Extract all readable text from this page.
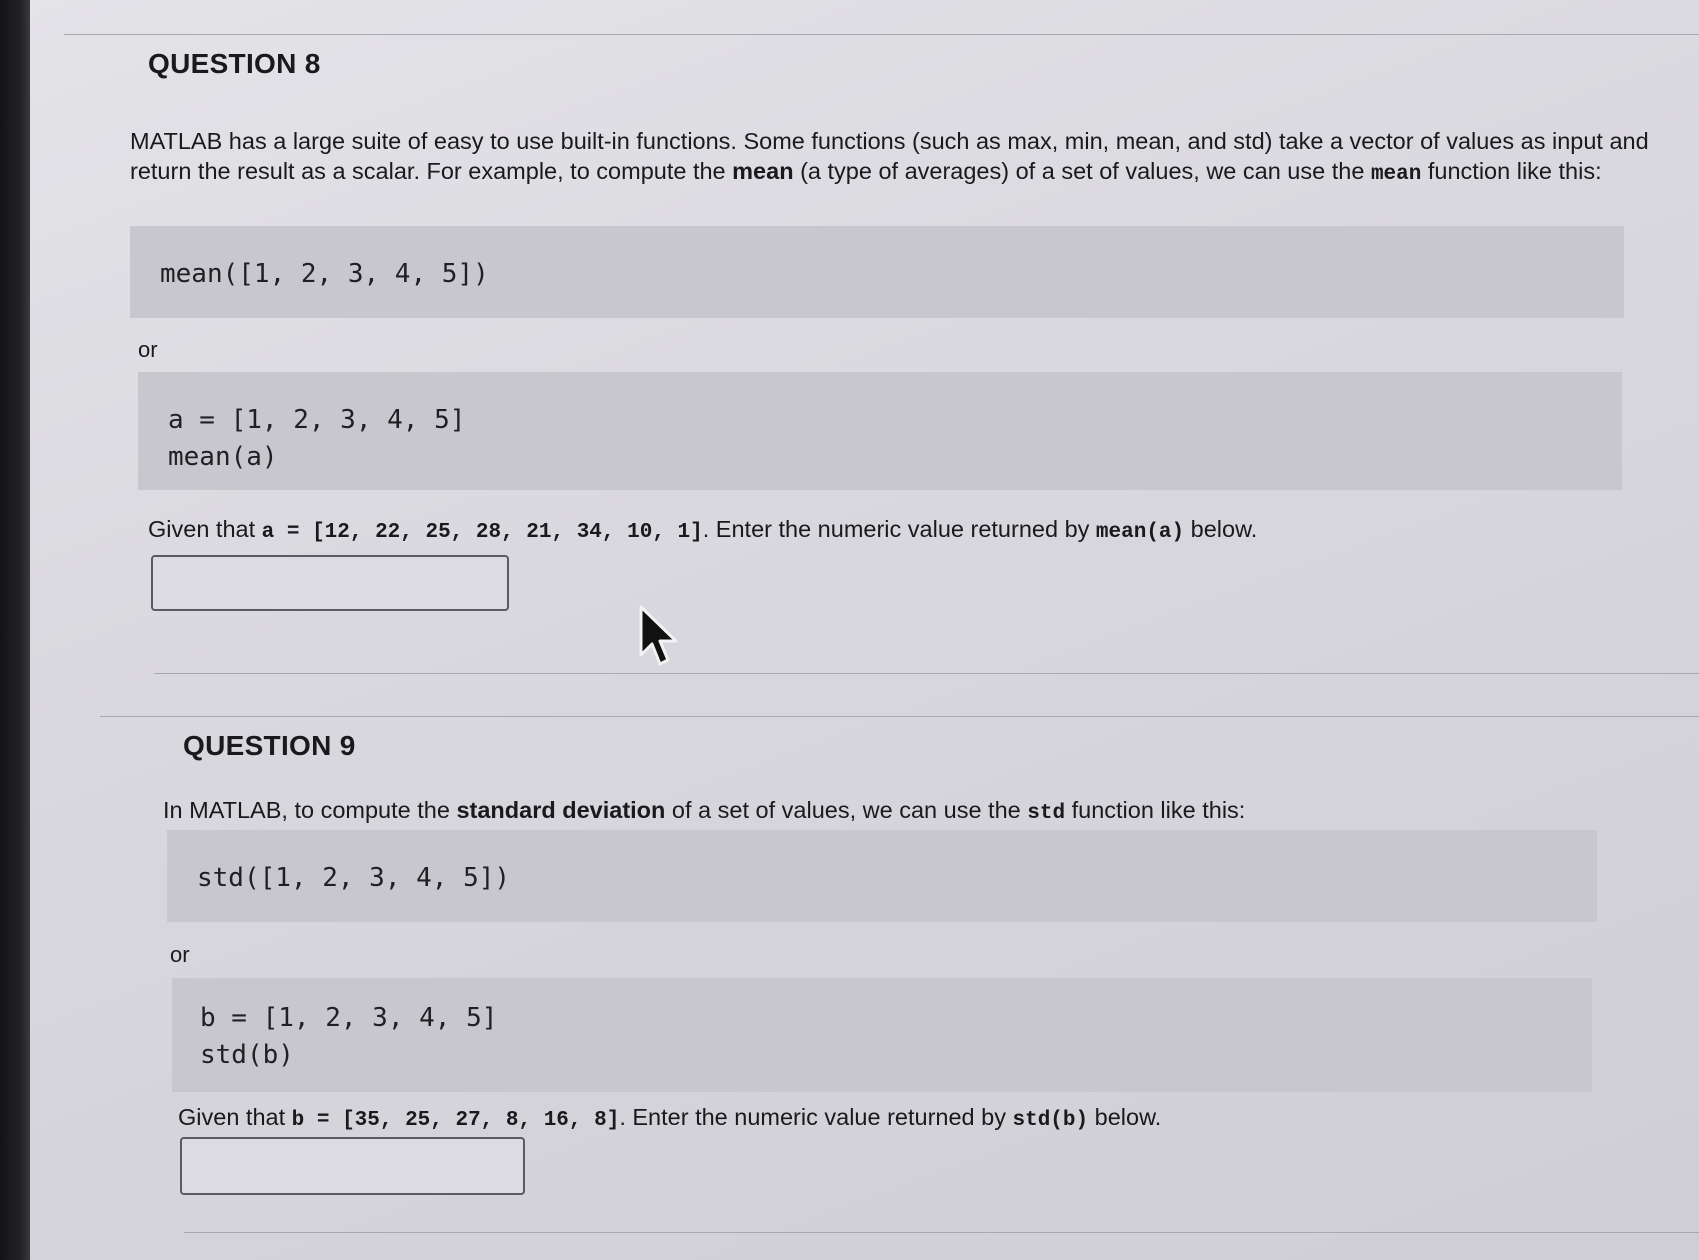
QUESTION 8
MATLAB has a large suite of easy to use built-in functions. Some functions (such as max, min, mean, and std) take a vector of values as input and return the result as a scalar. For example, to compute the mean (a type of averages) of a set of values, we can use the mean function like this:
mean([1, 2, 3, 4, 5])
or
a = [1, 2, 3, 4, 5]
mean(a)
Given that a = [12, 22, 25, 28, 21, 34, 10, 1]. Enter the numeric value returned by mean(a) below.
QUESTION 9
In MATLAB, to compute the standard deviation of a set of values, we can use the std function like this:
std([1, 2, 3, 4, 5])
or
b = [1, 2, 3, 4, 5]
std(b)
Given that b = [35, 25, 27, 8, 16, 8]. Enter the numeric value returned by std(b) below.
